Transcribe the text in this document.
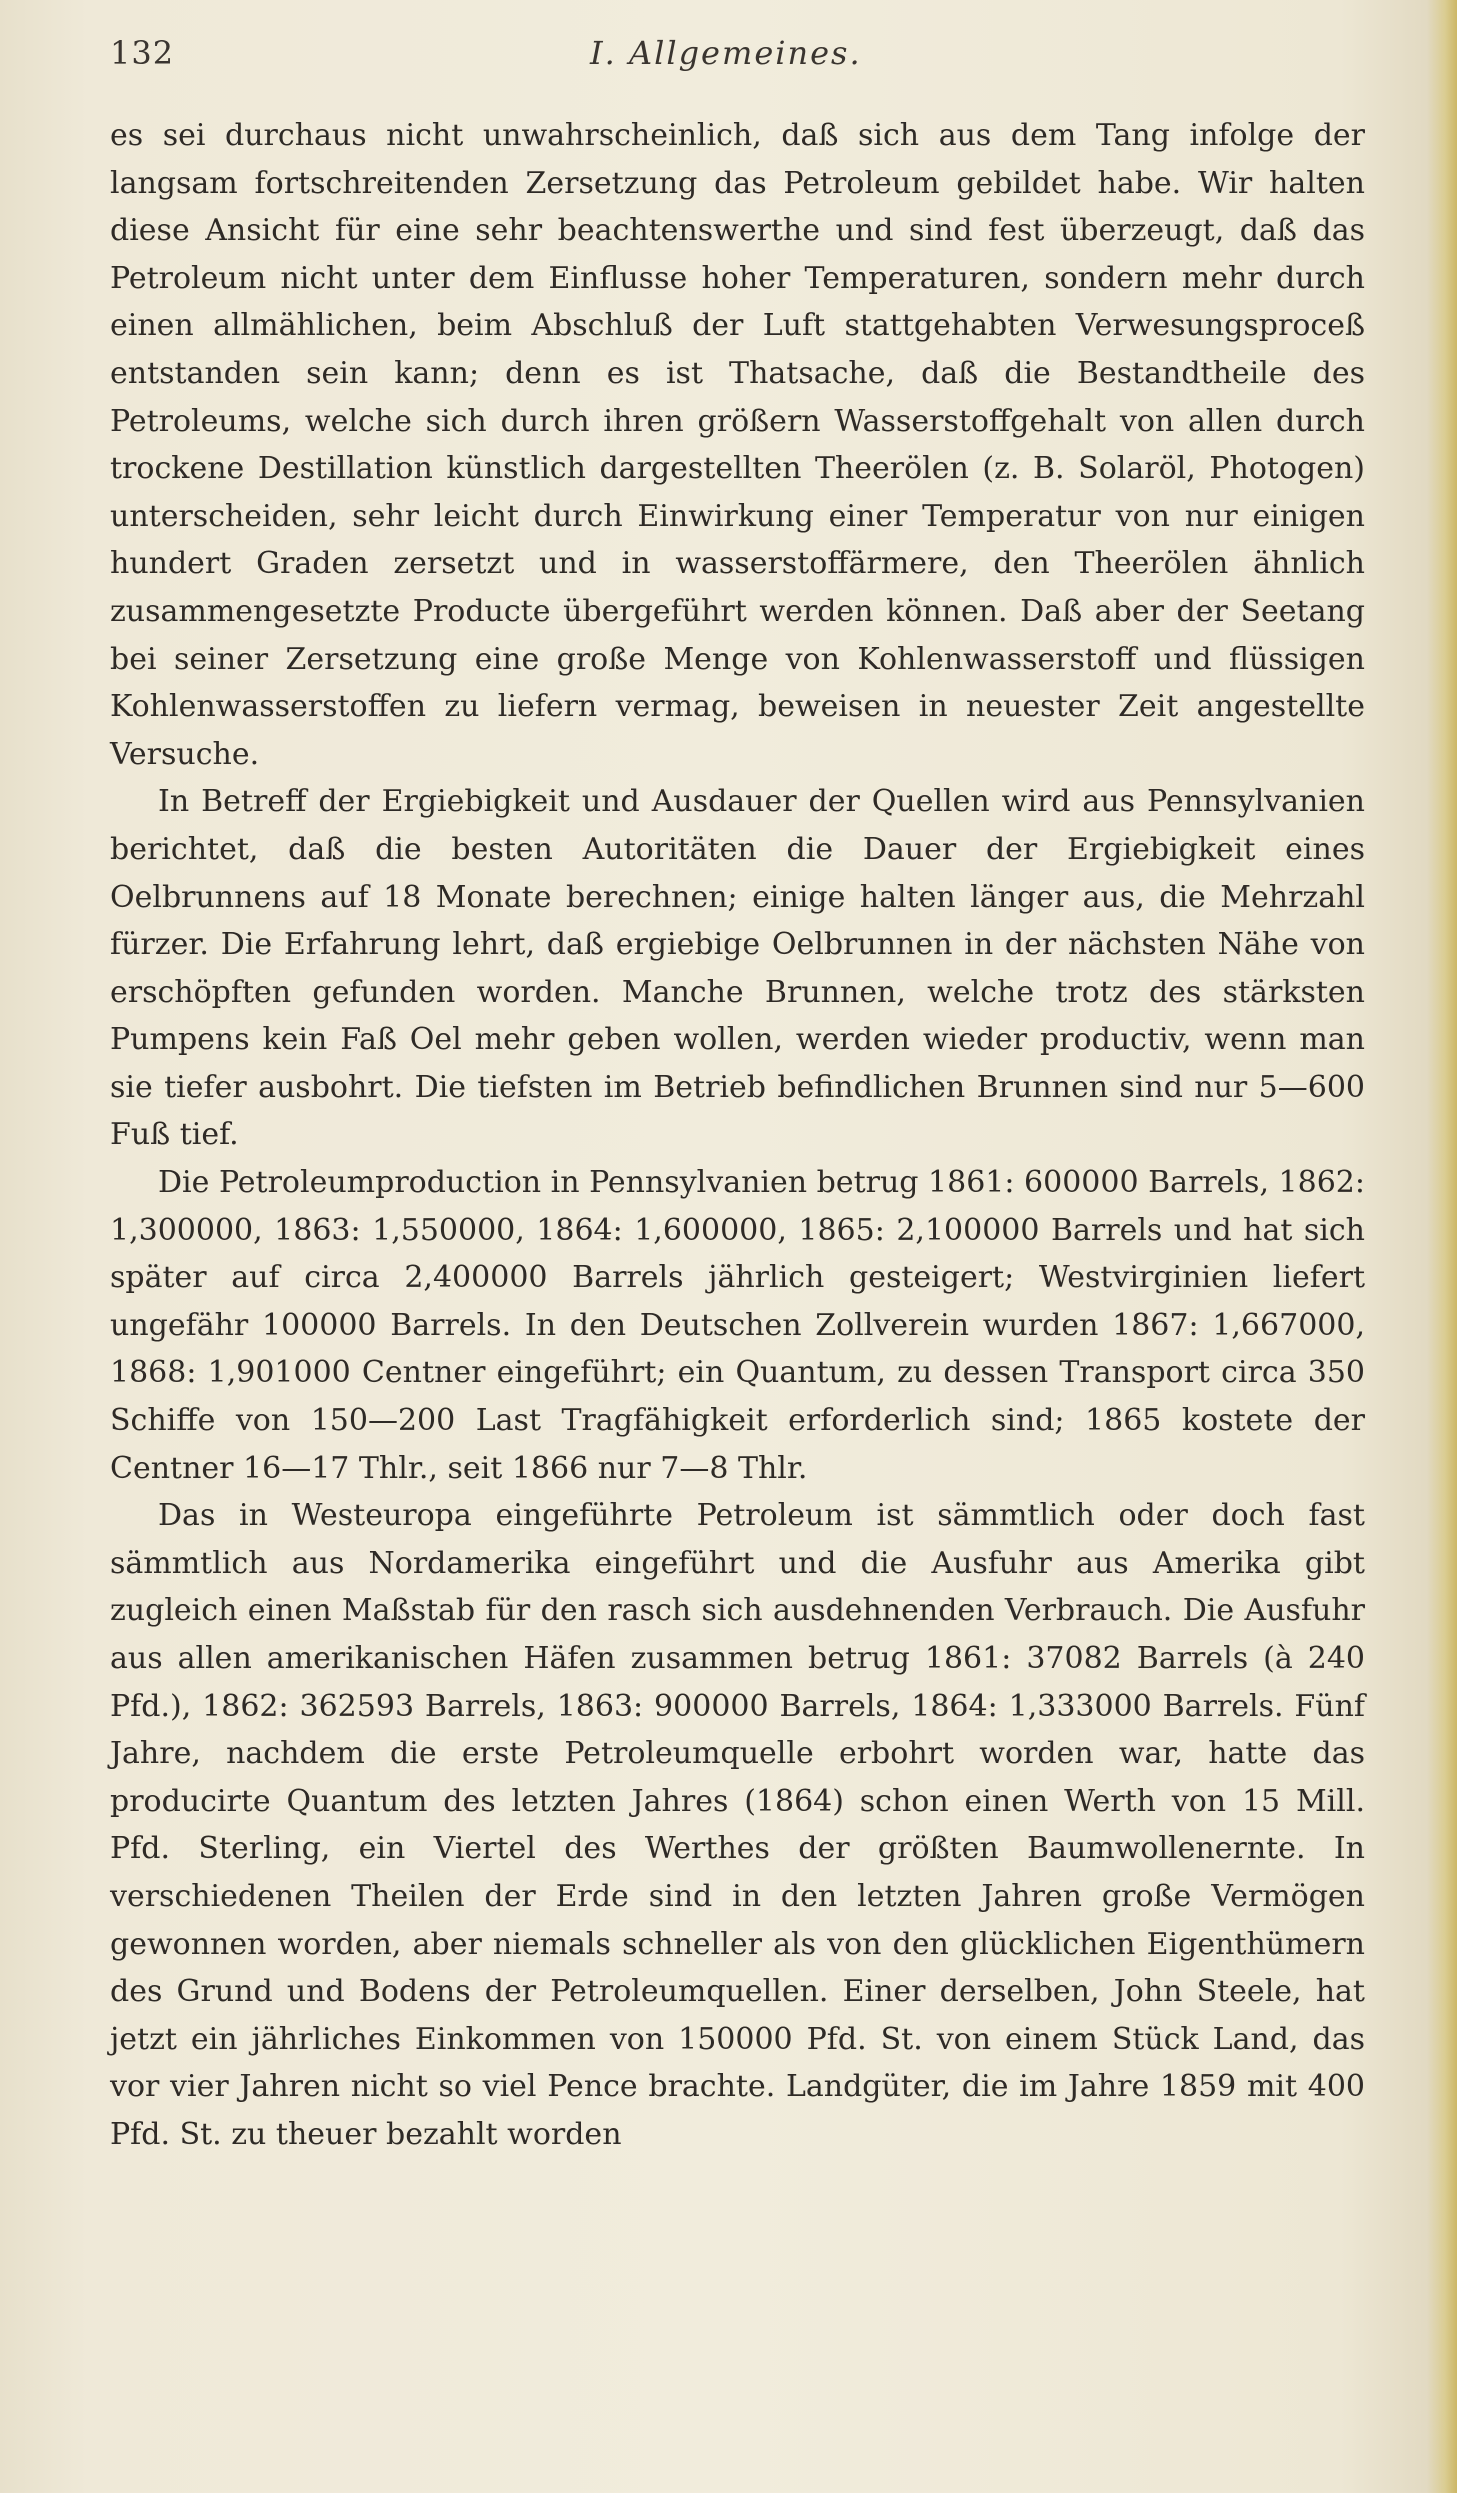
132	I. Allgemeines.

es sei durchaus nicht unwahrscheinlich, daß sich aus dem Tang infolge der langsam fortschreitenden Zersetzung das Petroleum gebildet habe. Wir halten diese Ansicht für eine sehr beachtenswerthe und sind fest überzeugt, daß das Petroleum nicht unter dem Einflusse hoher Temperaturen, sondern mehr durch einen allmählichen, beim Abschluß der Luft stattgehabten Verwesungsproceß entstanden sein kann; denn es ist Thatsache, daß die Bestandtheile des Petroleums, welche sich durch ihren größern Wasserstoffgehalt von allen durch trockene Destillation künstlich dargestellten Theerölen (z. B. Solaröl, Photogen) unterscheiden, sehr leicht durch Einwirkung einer Temperatur von nur einigen hundert Graden zersetzt und in wasserstoffärmere, den Theerölen ähnlich zusammengesetzte Producte übergeführt werden können. Daß aber der Seetang bei seiner Zersetzung eine große Menge von Kohlenwasserstoff und flüssigen Kohlenwasserstoffen zu liefern vermag, beweisen in neuester Zeit angestellte Versuche.

In Betreff der Ergiebigkeit und Ausdauer der Quellen wird aus Pennsylvanien berichtet, daß die besten Autoritäten die Dauer der Ergiebigkeit eines Oelbrunnens auf 18 Monate berechnen; einige halten länger aus, die Mehrzahl fürzer. Die Erfahrung lehrt, daß ergiebige Oelbrunnen in der nächsten Nähe von erschöpften gefunden worden. Manche Brunnen, welche trotz des stärksten Pumpens kein Faß Oel mehr geben wollen, werden wieder productiv, wenn man sie tiefer ausbohrt. Die tiefsten im Betrieb befindlichen Brunnen sind nur 5—600 Fuß tief.

Die Petroleumproduction in Pennsylvanien betrug 1861: 600000 Barrels, 1862: 1,300000, 1863: 1,550000, 1864: 1,600000, 1865: 2,100000 Barrels und hat sich später auf circa 2,400000 Barrels jährlich gesteigert; Westvirginien liefert ungefähr 100000 Barrels. In den Deutschen Zollverein wurden 1867: 1,667000, 1868: 1,901000 Centner eingeführt; ein Quantum, zu dessen Transport circa 350 Schiffe von 150—200 Last Tragfähigkeit erforderlich sind; 1865 kostete der Centner 16—17 Thlr., seit 1866 nur 7—8 Thlr.

Das in Westeuropa eingeführte Petroleum ist sämmtlich oder doch fast sämmtlich aus Nordamerika eingeführt und die Ausfuhr aus Amerika gibt zugleich einen Maßstab für den rasch sich ausdehnenden Verbrauch. Die Ausfuhr aus allen amerikanischen Häfen zusammen betrug 1861: 37082 Barrels (à 240 Pfd.), 1862: 362593 Barrels, 1863: 900000 Barrels, 1864: 1,333000 Barrels. Fünf Jahre, nachdem die erste Petroleumquelle erbohrt worden war, hatte das producirte Quantum des letzten Jahres (1864) schon einen Werth von 15 Mill. Pfd. Sterling, ein Viertel des Werthes der größten Baumwollenernte. In verschiedenen Theilen der Erde sind in den letzten Jahren große Vermögen gewonnen worden, aber niemals schneller als von den glücklichen Eigenthümern des Grund und Bodens der Petroleumquellen. Einer derselben, John Steele, hat jetzt ein jährliches Einkommen von 150000 Pfd. St. von einem Stück Land, das vor vier Jahren nicht so viel Pence brachte. Landgüter, die im Jahre 1859 mit 400 Pfd. St. zu theuer bezahlt worden
